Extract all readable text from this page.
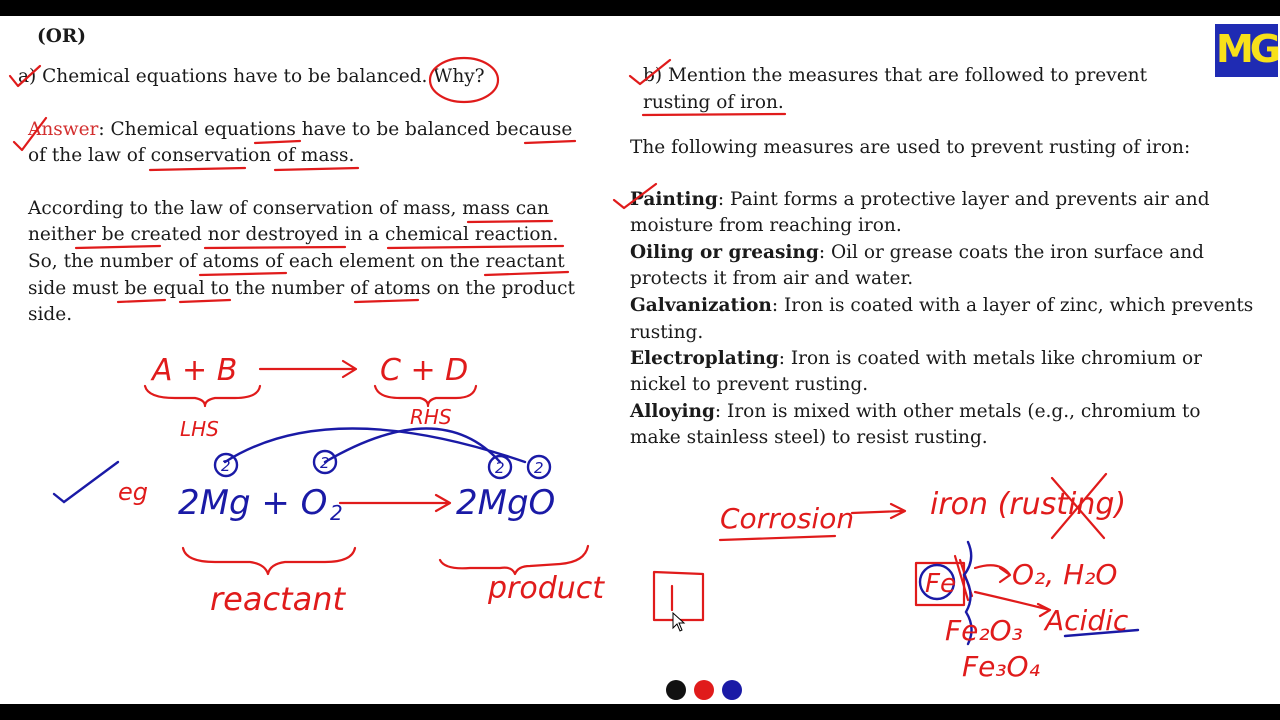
(OR)	MG

a) Chemical equations have to be balanced. Why?

Answer: Chemical equations have to be balanced because

of the law of conservation of mass.

According to the law of conservation of mass, mass can

neither be created nor destroyed in a chemical reaction.

So, the number of atoms of each element on the reactant

side must be equal to the number of atoms on the product

side.

b) Mention the measures that are followed to prevent

rusting of iron.

The following measures are used to prevent rusting of iron:

Painting: Paint forms a protective layer and prevents air and

moisture from reaching iron.

Oiling or greasing: Oil or grease coats the iron surface and

protects it from air and water.

Galvanization: Iron is coated with a layer of zinc, which prevents

rusting.

Electroplating: Iron is coated with metals like chromium or

nickel to prevent rusting.

Alloying: Iron is mixed with other metals (e.g., chromium to

make stainless steel) to resist rusting.

A + B	C + D
LHS	RHS
eg
2
reactant	product
Corrosion	iron (rusting)
Fe O₂, H₂O
Acidic
Fe₂O₃
Fe₃O₄
2Mg + O	2MgO
2	2	2 2
